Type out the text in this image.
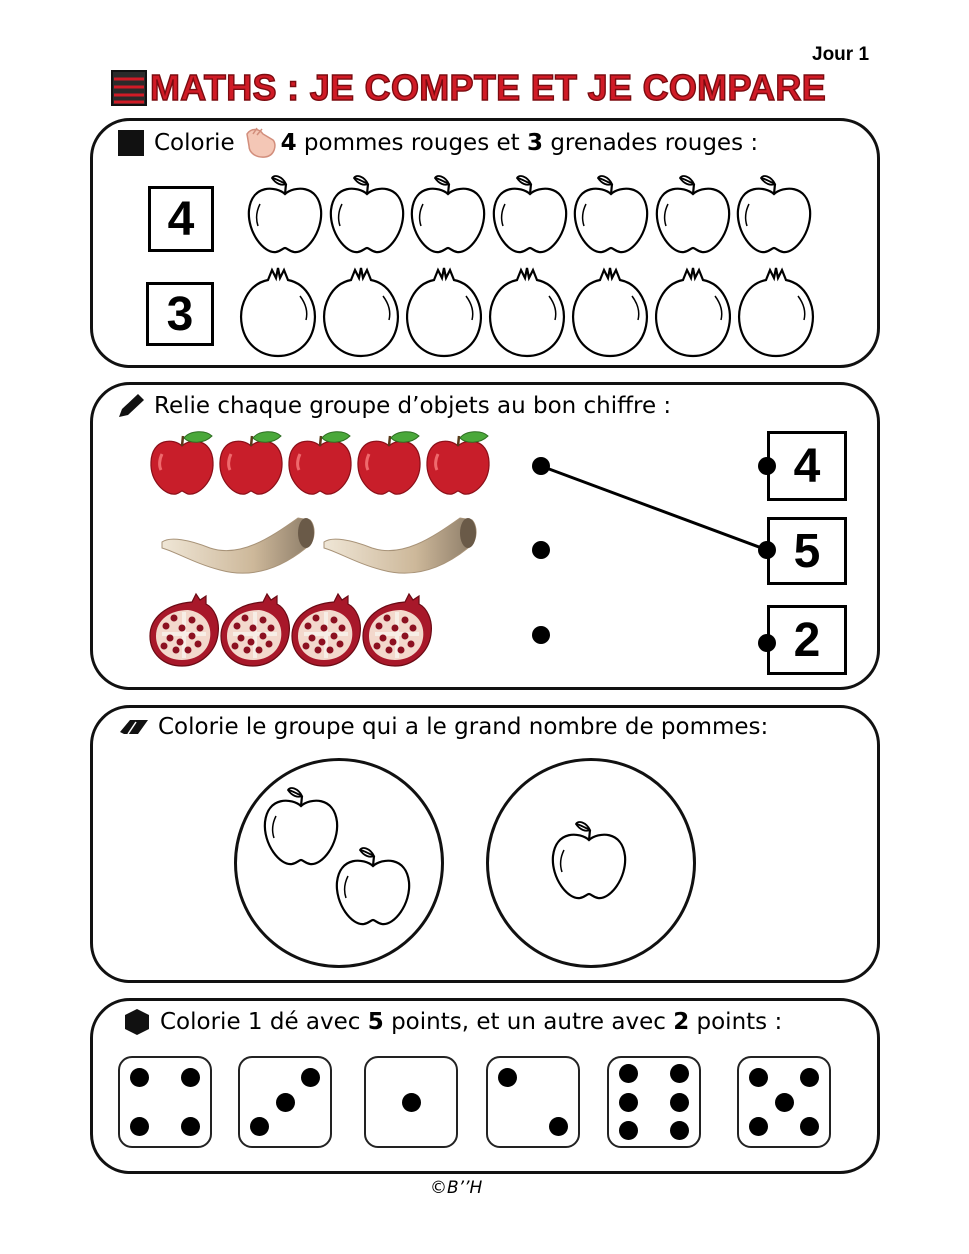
Jour 1
MATHS : JE COMPTE ET JE COMPARE
Colorie 4
pommes rouges et
3
grenades rouges :
4
3
Relie chaque groupe d’objets au bon chiffre :
4
5
2
Colorie le groupe qui a le grand nombre de pommes:
Colorie 1 dé avec
5
points, et un autre avec
2
points :
©B’’H
